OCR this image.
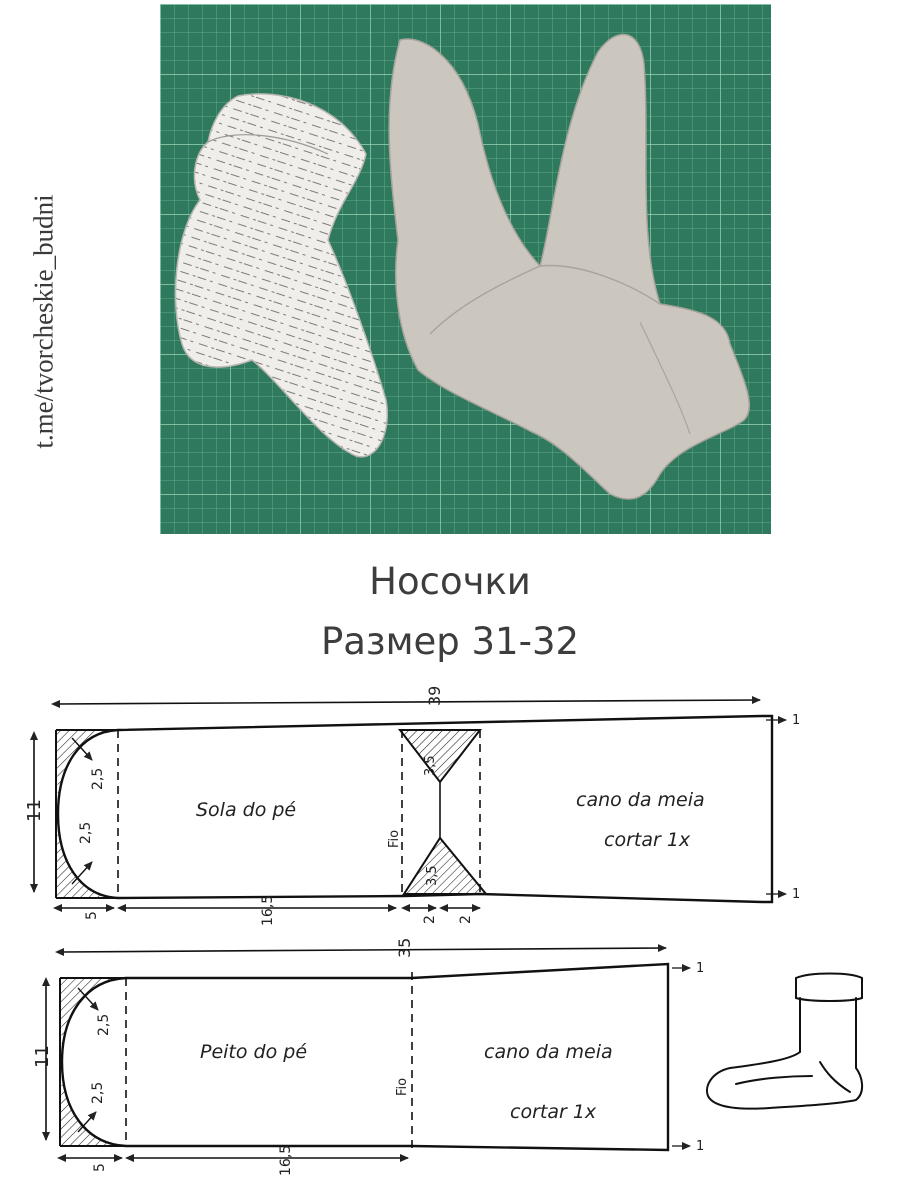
t.me/tvorcheskie_budni
Носочки
Размер 31-32
39
11
5	16,5	2 2
3,5
3,5
2,5
2,5
Sola do pé
Fio
cano da meia
cortar 1x
1
1
35
11
5	16,5
2,5
2,5
Peito do pé
Fio
cano da meia
cortar 1x
1
1
